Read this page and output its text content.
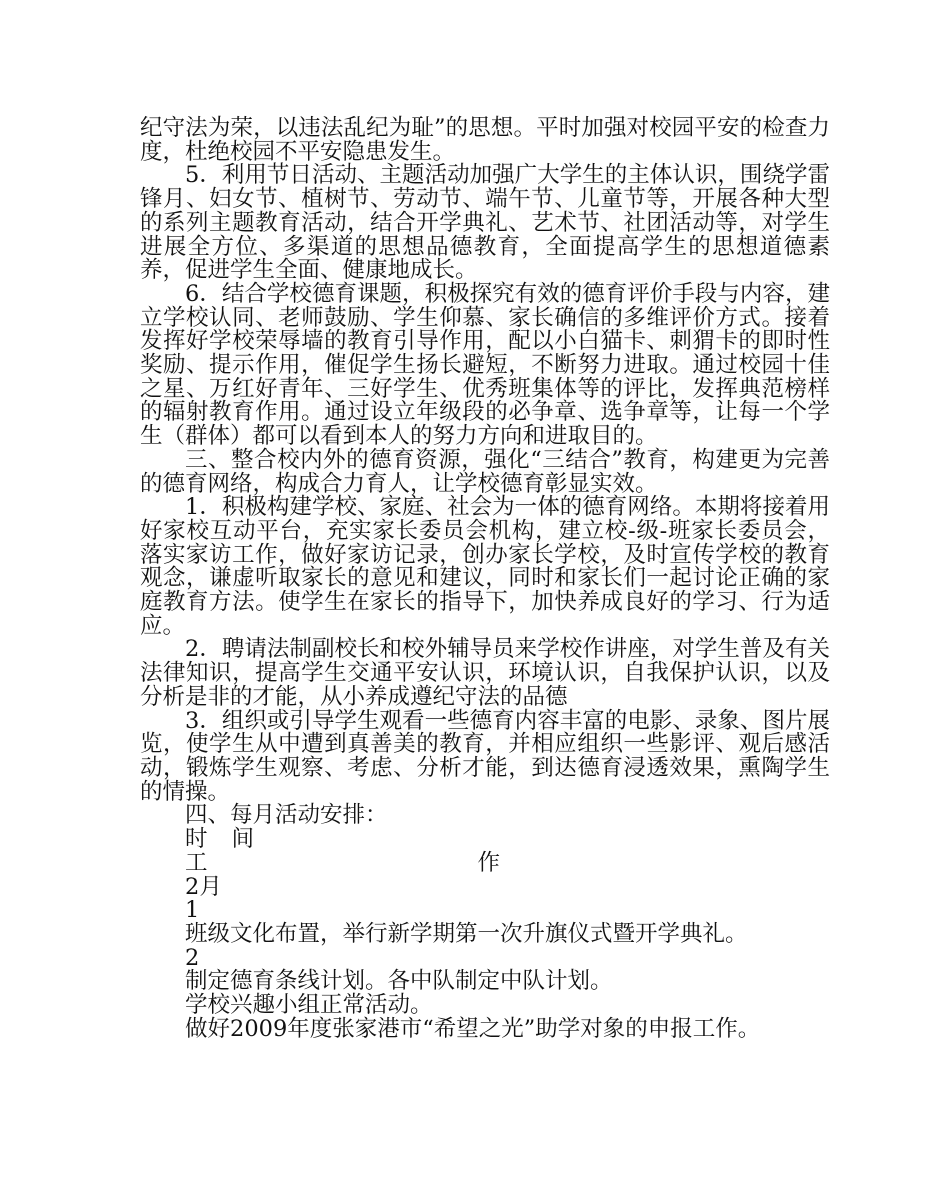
纪守法为荣，以违法乱纪为耻”的思想。平时加强对校园平安的检查力度，杜绝校园不平安隐患发生。

5．利用节日活动、主题活动加强广大学生的主体认识，围绕学雷锋月、妇女节、植树节、劳动节、端午节、儿童节等，开展各种大型的系列主题教育活动，结合开学典礼、艺术节、社团活动等，对学生进展全方位、多渠道的思想品德教育，全面提高学生的思想道德素养，促进学生全面、健康地成长。

6．结合学校德育课题，积极探究有效的德育评价手段与内容，建立学校认同、老师鼓励、学生仰慕、家长确信的多维评价方式。接着发挥好学校荣辱墙的教育引导作用，配以小白猫卡、刺猬卡的即时性奖励、提示作用，催促学生扬长避短，不断努力进取。通过校园十佳之星、万红好青年、三好学生、优秀班集体等的评比，发挥典范榜样的辐射教育作用。通过设立年级段的必争章、选争章等，让每一个学生（群体）都可以看到本人的努力方向和进取目的。

三、整合校内外的德育资源，强化“三结合”教育，构建更为完善的德育网络，构成合力育人，让学校德育彰显实效。

1．积极构建学校、家庭、社会为一体的德育网络。本期将接着用好家校互动平台，充实家长委员会机构，建立校-级-班家长委员会，落实家访工作，做好家访记录，创办家长学校，及时宣传学校的教育观念，谦虚听取家长的意见和建议，同时和家长们一起讨论正确的家庭教育方法。使学生在家长的指导下，加快养成良好的学习、行为适应。

2．聘请法制副校长和校外辅导员来学校作讲座，对学生普及有关法律知识，提高学生交通平安认识，环境认识，自我保护认识，以及分析是非的才能，从小养成遵纪守法的品德

3．组织或引导学生观看一些德育内容丰富的电影、录象、图片展览，使学生从中遭到真善美的教育，并相应组织一些影评、观后感活动，锻炼学生观察、考虑、分析才能，到达德育浸透效果，熏陶学生的情操。

四、每月活动安排：

时 间

工	作

2月

1

班级文化布置，举行新学期第一次升旗仪式暨开学典礼。

2

制定德育条线计划。各中队制定中队计划。

学校兴趣小组正常活动。

做好2009年度张家港市“希望之光”助学对象的申报工作。
